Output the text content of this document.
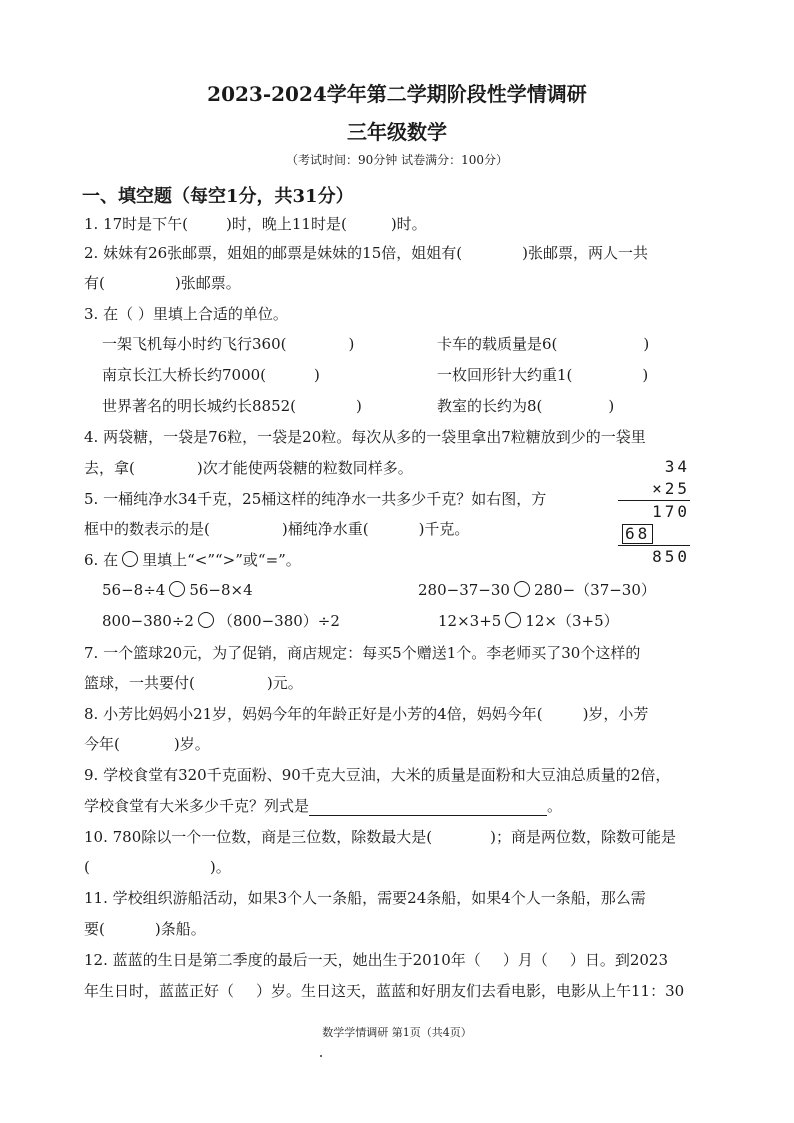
2023-2024学年第二学期阶段性学情调研
三年级数学
（考试时间：90分钟 试卷满分：100分）
一、填空题（每空1分，共31分）
1. 17时是下午(	)时，晚上11时是(	)时。
2. 妹妹有26张邮票，姐姐的邮票是妹妹的15倍，姐姐有(	)张邮票，两人一共
有(	)张邮票。
3. 在（ ）里填上合适的单位。
一架飞机每小时约飞行360(	)	卡车的载质量是6(	)
南京长江大桥长约7000(	)	一枚回形针大约重1(	)
世界著名的明长城约长8852(	)	教室的长约为8(	)
4. 两袋糖，一袋是76粒，一袋是20粒。每次从多的一袋里拿出7粒糖放到少的一袋里
去，拿(	)次才能使两袋糖的粒数同样多。
5. 一桶纯净水34千克，25桶这样的纯净水一共多少千克？如右图，方
框中的数表示的是(	)桶纯净水重(	)千克。
34
×25
170
68
850
6. 在 里填上“<”“>”或“=”。
56−8÷4 56−8×4	280−37−30 280−（37−30）
800−380÷2 （800−380）÷2	12×3+5 12×（3+5）
7. 一个篮球20元，为了促销，商店规定：每买5个赠送1个。李老师买了30个这样的
篮球，一共要付(	)元。
8. 小芳比妈妈小21岁，妈妈今年的年龄正好是小芳的4倍，妈妈今年(	)岁，小芳
今年(	)岁。
9. 学校食堂有320千克面粉、90千克大豆油，大米的质量是面粉和大豆油总质量的2倍，
学校食堂有大米多少千克？列式是	。
10. 780除以一个一位数，商是三位数，除数最大是(	)；商是两位数，除数可能是
(	)。
11. 学校组织游船活动，如果3个人一条船，需要24条船，如果4个人一条船，那么需
要(	)条船。
12. 蓝蓝的生日是第二季度的最后一天，她出生于2010年（ ）月（ ）日。到2023
年生日时，蓝蓝正好（ ）岁。生日这天，蓝蓝和好朋友们去看电影，电影从上午11：30
数学学情调研 第1页（共4页）
